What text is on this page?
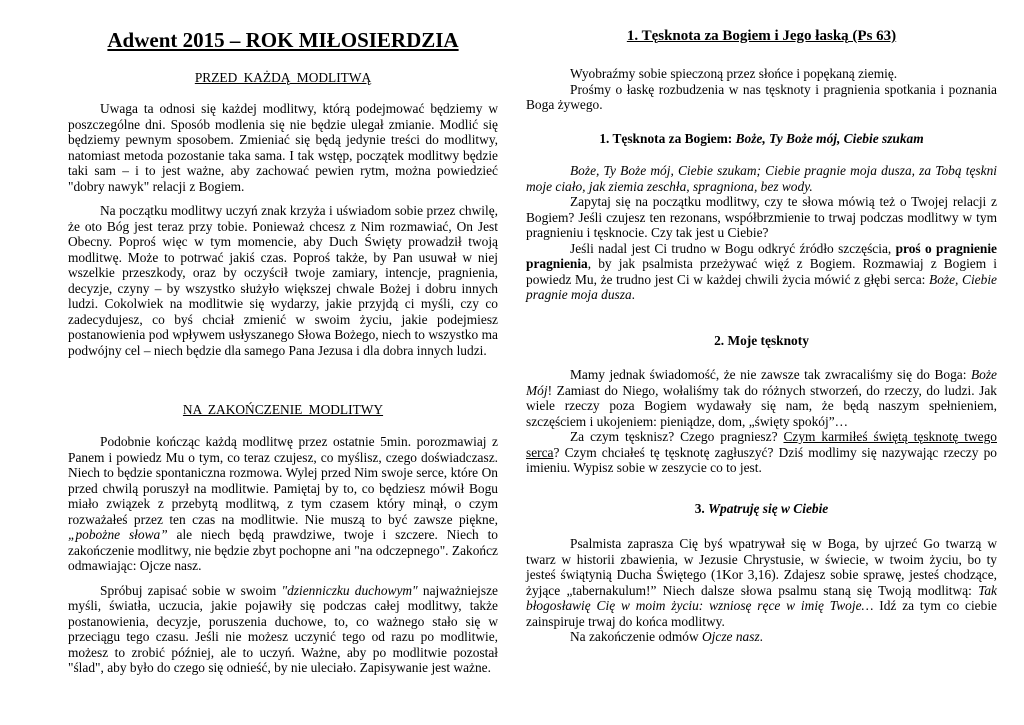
Adwent 2015 – ROK MIŁOSIERDZIA

PRZED KAŻDĄ MODLITWĄ

Uwaga ta odnosi się każdej modlitwy, którą podejmować będziemy w poszczególne dni. Sposób modlenia się nie będzie ulegał zmianie. Modlić się będziemy pewnym sposobem. Zmieniać się będą jedynie treści do modlitwy, natomiast metoda pozostanie taka sama. I tak wstęp, początek modlitwy będzie taki sam – i to jest ważne, aby zachować pewien rytm, można powiedzieć "dobry nawyk" relacji z Bogiem.

Na początku modlitwy uczyń znak krzyża i uświadom sobie przez chwilę, że oto Bóg jest teraz przy tobie. Ponieważ chcesz z Nim rozmawiać, On Jest Obecny. Poproś więc w tym momencie, aby Duch Święty prowadził twoją modlitwę. Może to potrwać jakiś czas. Poproś także, by Pan usuwał w niej wszelkie przeszkody, oraz by oczyścił twoje zamiary, intencje, pragnienia, decyzje, czyny – by wszystko służyło większej chwale Bożej i dobru innych ludzi. Cokolwiek na modlitwie się wydarzy, jakie przyjdą ci myśli, czy co zadecydujesz, co byś chciał zmienić w swoim życiu, jakie podejmiesz postanowienia pod wpływem usłyszanego Słowa Bożego, niech to wszystko ma podwójny cel – niech będzie dla samego Pana Jezusa i dla dobra innych ludzi.

NA ZAKOŃCZENIE MODLITWY

Podobnie kończąc każdą modlitwę przez ostatnie 5min. porozmawiaj z Panem i powiedz Mu o tym, co teraz czujesz, co myślisz, czego doświadczasz. Niech to będzie spontaniczna rozmowa. Wylej przed Nim swoje serce, które On przed chwilą poruszył na modlitwie. Pamiętaj by to, co będziesz mówił Bogu miało związek z przebytą modlitwą, z tym czasem który minął, o czym rozważałeś przez ten czas na modlitwie. Nie muszą to być zawsze piękne, „pobożne słowa” ale niech będą prawdziwe, twoje i szczere. Niech to zakończenie modlitwy, nie będzie zbyt pochopne ani "na odczepnego". Zakończ odmawiając: Ojcze nasz.

Spróbuj zapisać sobie w swoim "dzienniczku duchowym" najważniejsze myśli, światła, uczucia, jakie pojawiły się podczas całej modlitwy, także postanowienia, decyzje, poruszenia duchowe, to, co ważnego stało się w przeciągu tego czasu. Jeśli nie możesz uczynić tego od razu po modlitwie, możesz to zrobić później, ale to uczyń. Ważne, aby po modlitwie pozostał "ślad", aby było do czego się odnieść, by nie uleciało. Zapisywanie jest ważne.

1. Tęsknota za Bogiem i Jego łaską (Ps 63)

Wyobraźmy sobie spieczoną przez słońce i popękaną ziemię.

Prośmy o łaskę rozbudzenia w nas tęsknoty i pragnienia spotkania i poznania Boga żywego.

1. Tęsknota za Bogiem: Boże, Ty Boże mój, Ciebie szukam

Boże, Ty Boże mój, Ciebie szukam; Ciebie pragnie moja dusza, za Tobą tęskni moje ciało, jak ziemia zeschła, spragniona, bez wody.

Zapytaj się na początku modlitwy, czy te słowa mówią też o Twojej relacji z Bogiem? Jeśli czujesz ten rezonans, współbrzmienie to trwaj podczas modlitwy w tym pragnieniu i tęsknocie. Czy tak jest u Ciebie?

Jeśli nadal jest Ci trudno w Bogu odkryć źródło szczęścia, proś o pragnienie pragnienia, by jak psalmista przeżywać więź z Bogiem. Rozmawiaj z Bogiem i powiedz Mu, że trudno jest Ci w każdej chwili życia mówić z głębi serca: Boże, Ciebie pragnie moja dusza.

2. Moje tęsknoty

Mamy jednak świadomość, że nie zawsze tak zwracaliśmy się do Boga: Boże Mój! Zamiast do Niego, wołaliśmy tak do różnych stworzeń, do rzeczy, do ludzi. Jak wiele rzeczy poza Bogiem wydawały się nam, że będą naszym spełnieniem, szczęściem i ukojeniem: pieniądze, dom, „święty spokój”…

Za czym tęsknisz? Czego pragniesz? Czym karmiłeś świętą tęsknotę twego serca? Czym chciałeś tę tęsknotę zagłuszyć? Dziś modlimy się nazywając rzeczy po imieniu. Wypisz sobie w zeszycie co to jest.

3. Wpatruję się w Ciebie

Psalmista zaprasza Cię byś wpatrywał się w Boga, by ujrzeć Go twarzą w twarz w historii zbawienia, w Jezusie Chrystusie, w świecie, w twoim życiu, bo ty jesteś świątynią Ducha Świętego (1Kor 3,16). Zdajesz sobie sprawę, jesteś chodzące, żyjące „tabernakulum!” Niech dalsze słowa psalmu staną się Twoją modlitwą: Tak błogosławię Cię w moim życiu: wzniosę ręce w imię Twoje… Idź za tym co ciebie zainspiruje trwaj do końca modlitwy.

Na zakończenie odmów Ojcze nasz.
